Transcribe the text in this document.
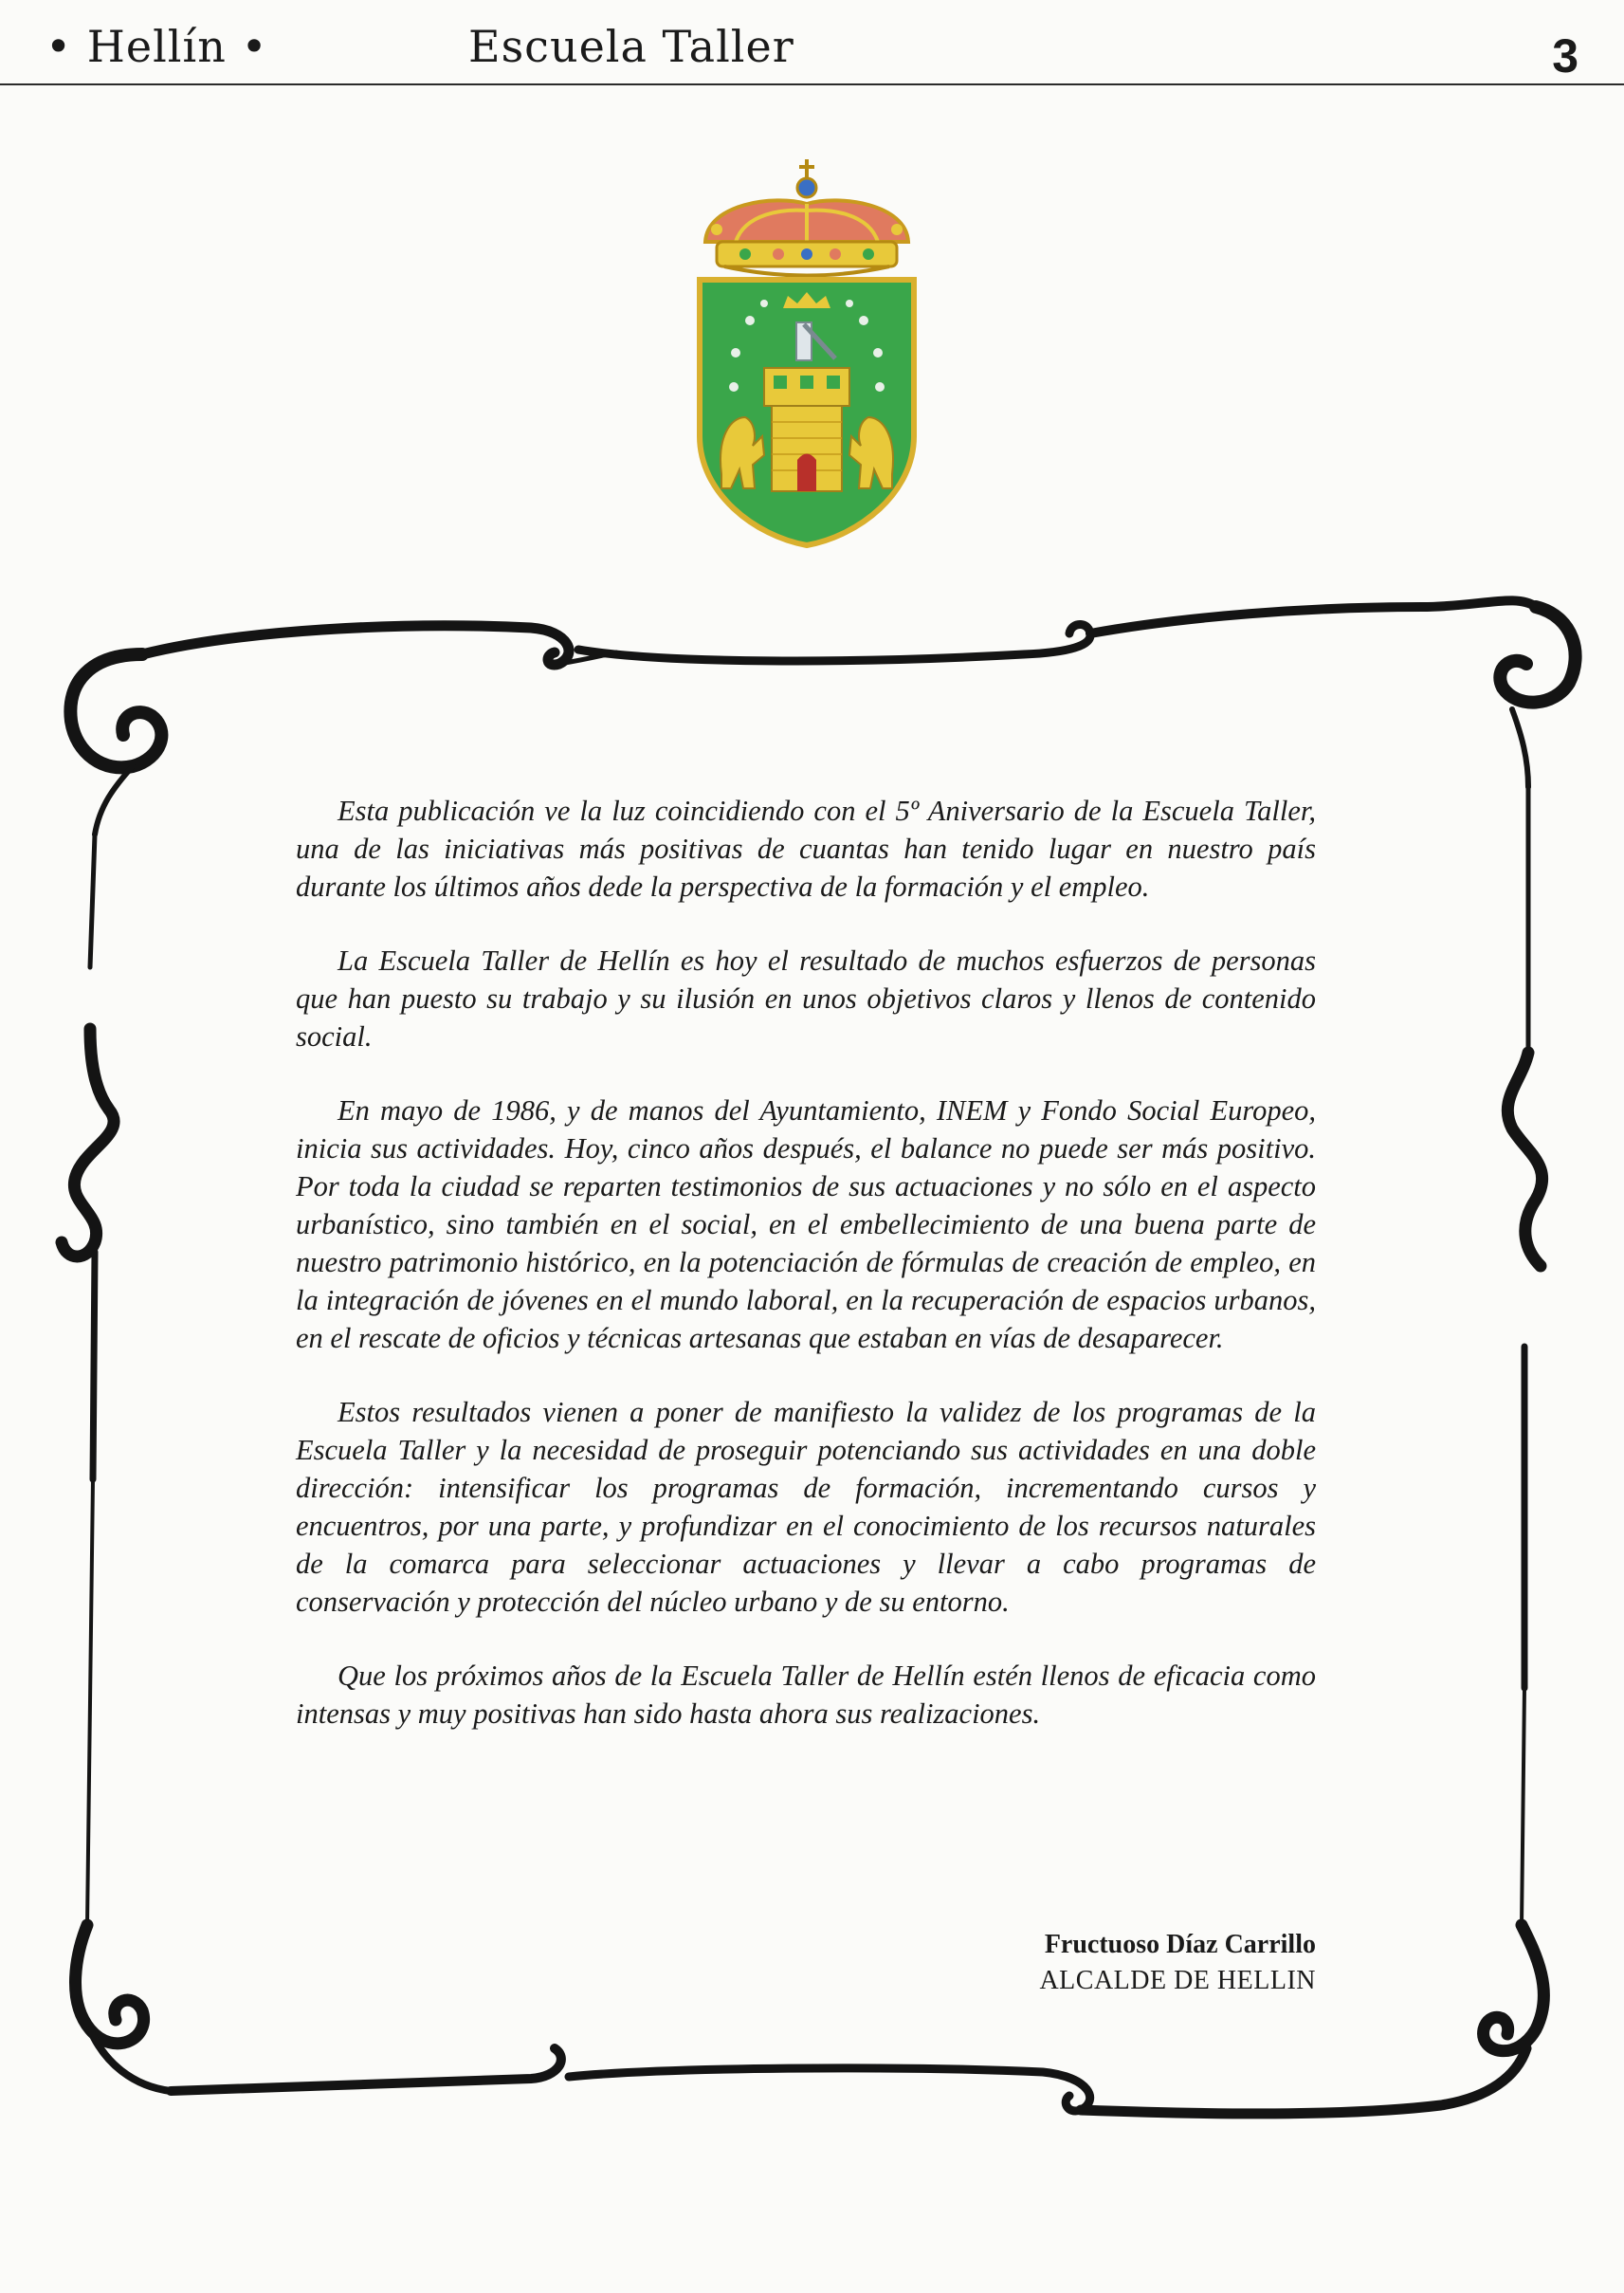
• Hellín •	Escuela Taller	3

Esta publicación ve la luz coincidiendo con el 5º Aniversario de la Escuela Taller, una de las iniciativas más positivas de cuantas han tenido lugar en nuestro país durante los últimos años dede la perspectiva de la formación y el empleo.

La Escuela Taller de Hellín es hoy el resultado de muchos esfuerzos de personas que han puesto su trabajo y su ilusión en unos objetivos claros y llenos de contenido social.

En mayo de 1986, y de manos del Ayuntamiento, INEM y Fondo Social Europeo, inicia sus actividades. Hoy, cinco años después, el balance no puede ser más positivo. Por toda la ciudad se reparten testimonios de sus actuaciones y no sólo en el aspecto urbanístico, sino también en el social, en el embellecimiento de una buena parte de nuestro patrimonio histórico, en la potenciación de fórmulas de creación de empleo, en la integración de jóvenes en el mundo laboral, en la recuperación de espacios urbanos, en el rescate de oficios y técnicas artesanas que estaban en vías de desaparecer.

Estos resultados vienen a poner de manifiesto la validez de los programas de la Escuela Taller y la necesidad de proseguir potenciando sus actividades en una doble dirección: intensificar los programas de formación, incrementando cursos y encuentros, por una parte, y profundizar en el conocimiento de los recursos naturales de la comarca para seleccionar actuaciones y llevar a cabo programas de conservación y protección del núcleo urbano y de su entorno.

Que los próximos años de la Escuela Taller de Hellín estén llenos de eficacia como intensas y muy positivas han sido hasta ahora sus realizaciones.

Fructuoso Díaz Carrillo
ALCALDE DE HELLIN
